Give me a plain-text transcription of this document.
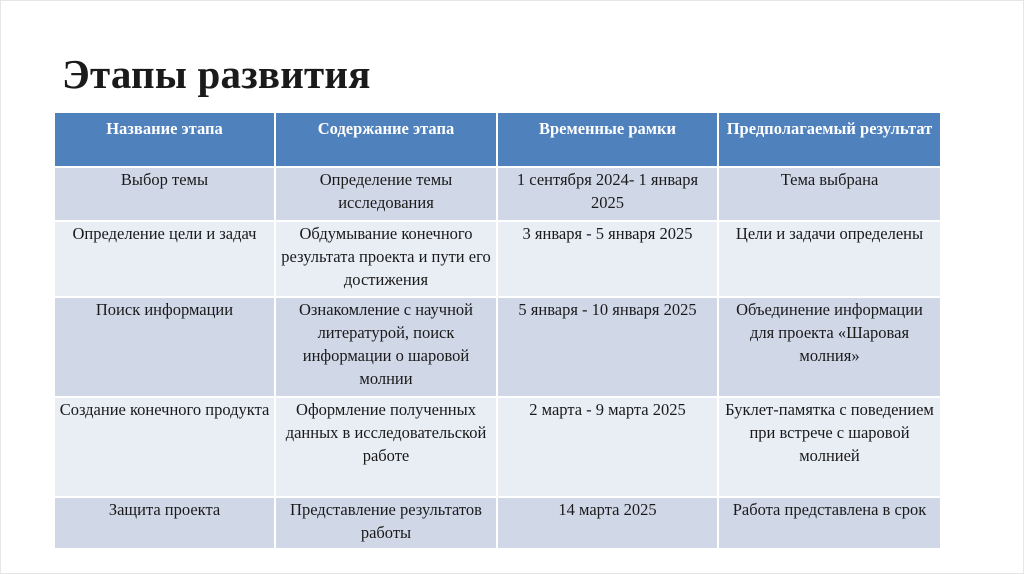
Этапы развития
Название этапа	Содержание этапа	Временные рамки	Предполагаемый результат
Выбор темы	Определение темы исследования	1 сентября 2024- 1 января 2025	Тема выбрана
Определение цели и задач	Обдумывание конечного результата проекта и пути его достижения	3 января - 5 января 2025	Цели и задачи определены
Поиск информации	Ознакомление с научной литературой, поиск информации о шаровой молнии	5 января - 10 января 2025	Объединение информации для проекта «Шаровая молния»
Создание конечного продукта	Оформление полученных данных в исследовательской работе	2 марта - 9 марта 2025	Буклет-памятка с поведением при встрече с шаровой молнией
Защита проекта	Представление результатов работы	14 марта 2025	Работа представлена в срок
